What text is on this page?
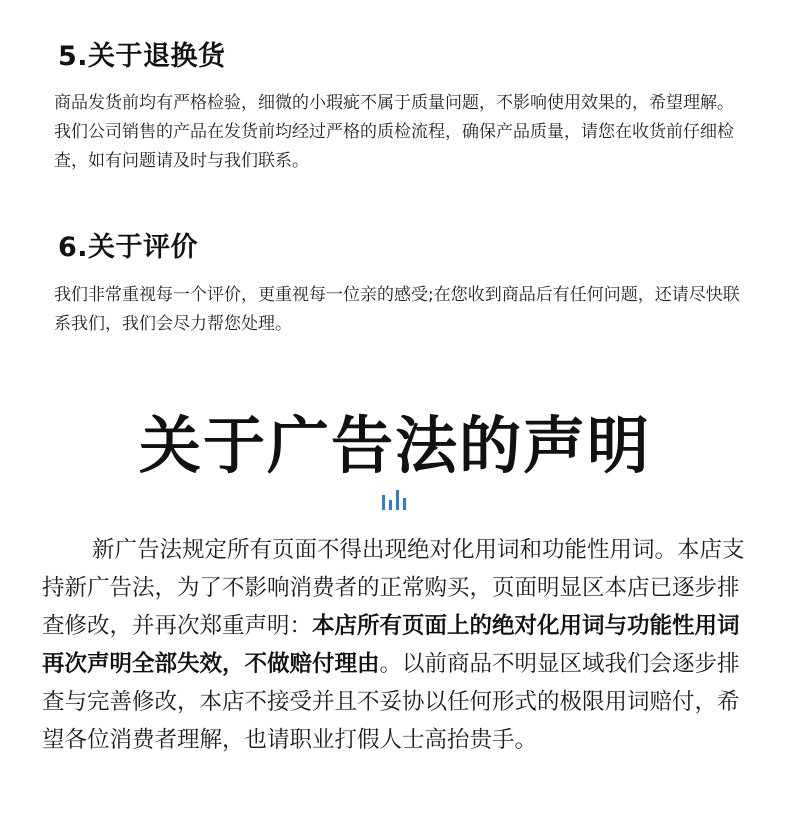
5.关于退换货

商品发货前均有严格检验，细微的小瑕疵不属于质量问题，不影响使用效果的，希望理解。我们公司销售的产品在发货前均经过严格的质检流程，确保产品质量，请您在收货前仔细检查，如有问题请及时与我们联系。

6.关于评价

我们非常重视每一个评价，更重视每一位亲的感受;在您收到商品后有任何问题，还请尽快联系我们，我们会尽力帮您处理。

关于广告法的声明

新广告法规定所有页面不得出现绝对化用词和功能性用词。本店支持新广告法，为了不影响消费者的正常购买，页面明显区本店已逐步排查修改，并再次郑重声明：本店所有页面上的绝对化用词与功能性用词再次声明全部失效，不做赔付理由。以前商品不明显区域我们会逐步排查与完善修改，本店不接受并且不妥协以任何形式的极限用词赔付，希望各位消费者理解，也请职业打假人士高抬贵手。
